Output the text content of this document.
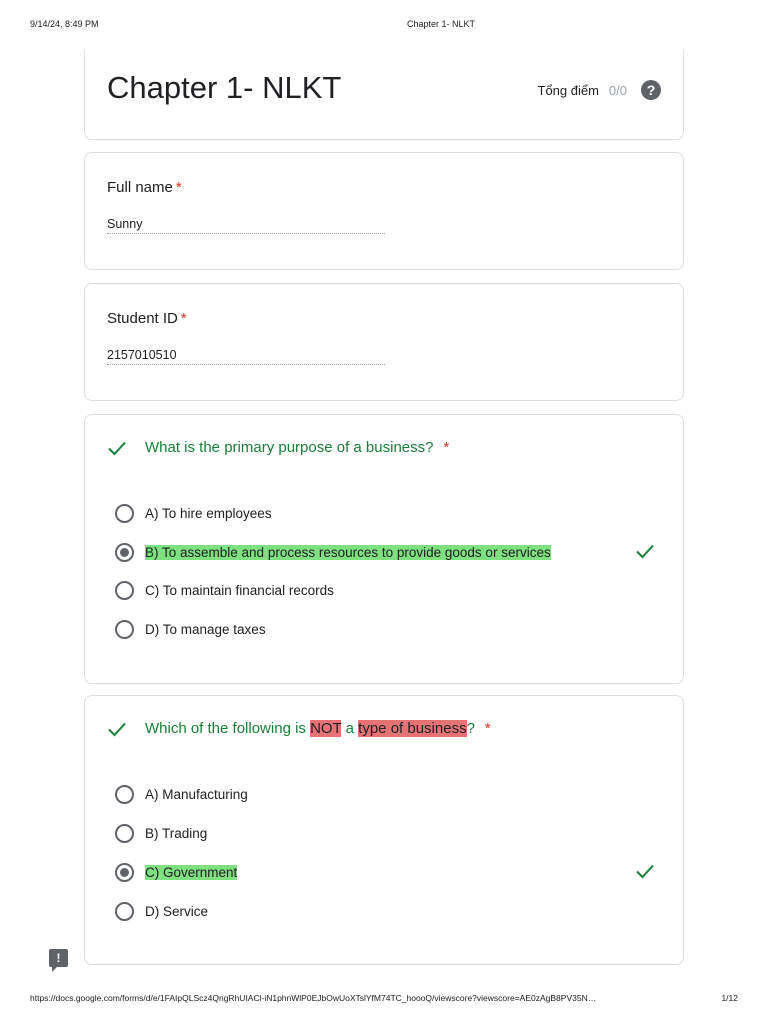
9/14/24, 8:49 PM	Chapter 1- NLKT
Chapter 1- NLKT	Tổng điểm 0/0	?
Full name *
Sunny
Student ID *
2157010510
What is the primary purpose of a business? *
A) To hire employees
B) To assemble and process resources to provide goods or services
C) To maintain financial records
D) To manage taxes
Which of the following is NOT a type of business? *
A) Manufacturing
B) Trading
C) Government
D) Service
!
https://docs.google.com/forms/d/e/1FAIpQLScz4QngRhUIACl-iN1phnWlP0EJbOwUoXTslYfM74TC_hoooQ/viewscore?viewscore=AE0zAgB8PV35N…	1/12
